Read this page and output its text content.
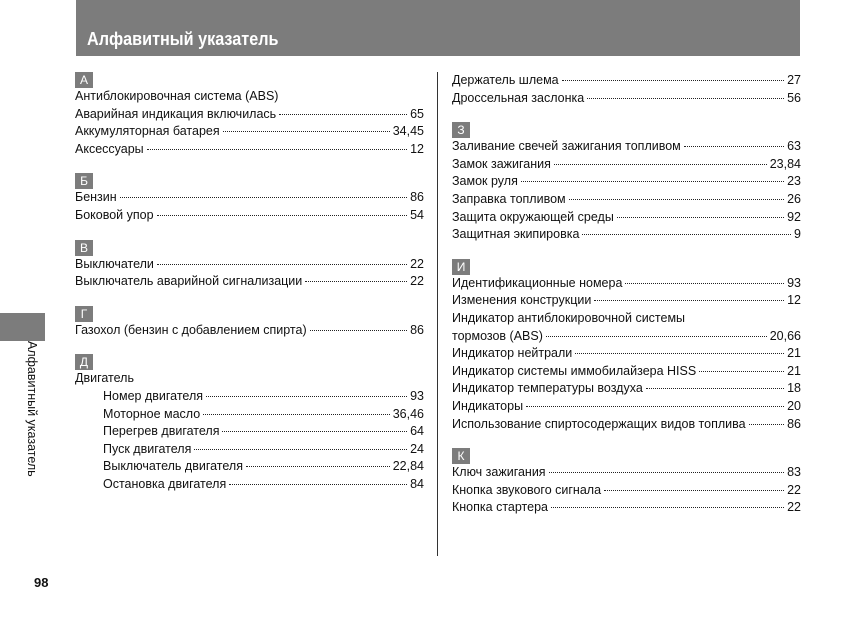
Алфавитный указатель
Алфавитный указатель
98
А
Антиблокировочная система (ABS)
Аварийная индикация включилась	65
Аккумуляторная батарея	34,45
Аксессуары	12
Б
Бензин	86
Боковой упор	54
В
Выключатели	22
Выключатель аварийной сигнализации	22
Г
Газохол (бензин с добавлением спирта)	86
Д
Двигатель
Номер двигателя	93
Моторное масло	36,46
Перегрев двигателя	64
Пуск двигателя	24
Выключатель двигателя	22,84
Остановка двигателя	84
Держатель шлема	27
Дроссельная заслонка	56
З
Заливание свечей зажигания топливом	63
Замок зажигания	23,84
Замок руля	23
Заправка топливом	26
Защита окружающей среды	92
Защитная экипировка	9
И
Идентификационные номера	93
Изменения конструкции	12
Индикатор антиблокировочной системы
тормозов (ABS)	20,66
Индикатор нейтрали	21
Индикатор системы иммобилайзера HISS	21
Индикатор температуры воздуха	18
Индикаторы	20
Использование спиртосодержащих видов топлива	86
К
Ключ зажигания	83
Кнопка звукового сигнала	22
Кнопка стартера	22
